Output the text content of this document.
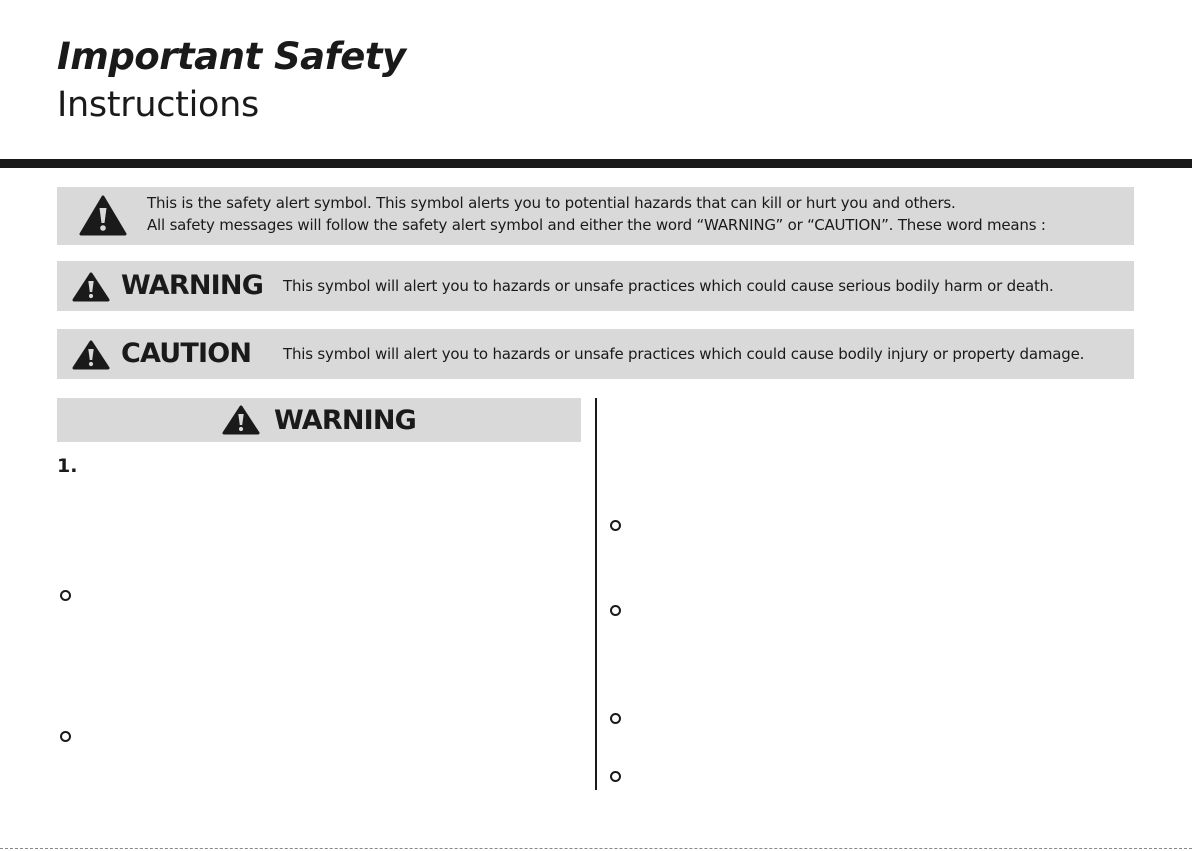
Important Safety
Instructions

This is the safety alert symbol. This symbol alerts you to potential hazards that can kill or hurt you and others.
All safety messages will follow the safety alert symbol and either the word “WARNING” or “CAUTION”. These word means :

WARNING This symbol will alert you to hazards or unsafe practices which could cause serious bodily harm or death.

CAUTION This symbol will alert you to hazards or unsafe practices which could cause bodily injury or property damage.

WARNING

1.
